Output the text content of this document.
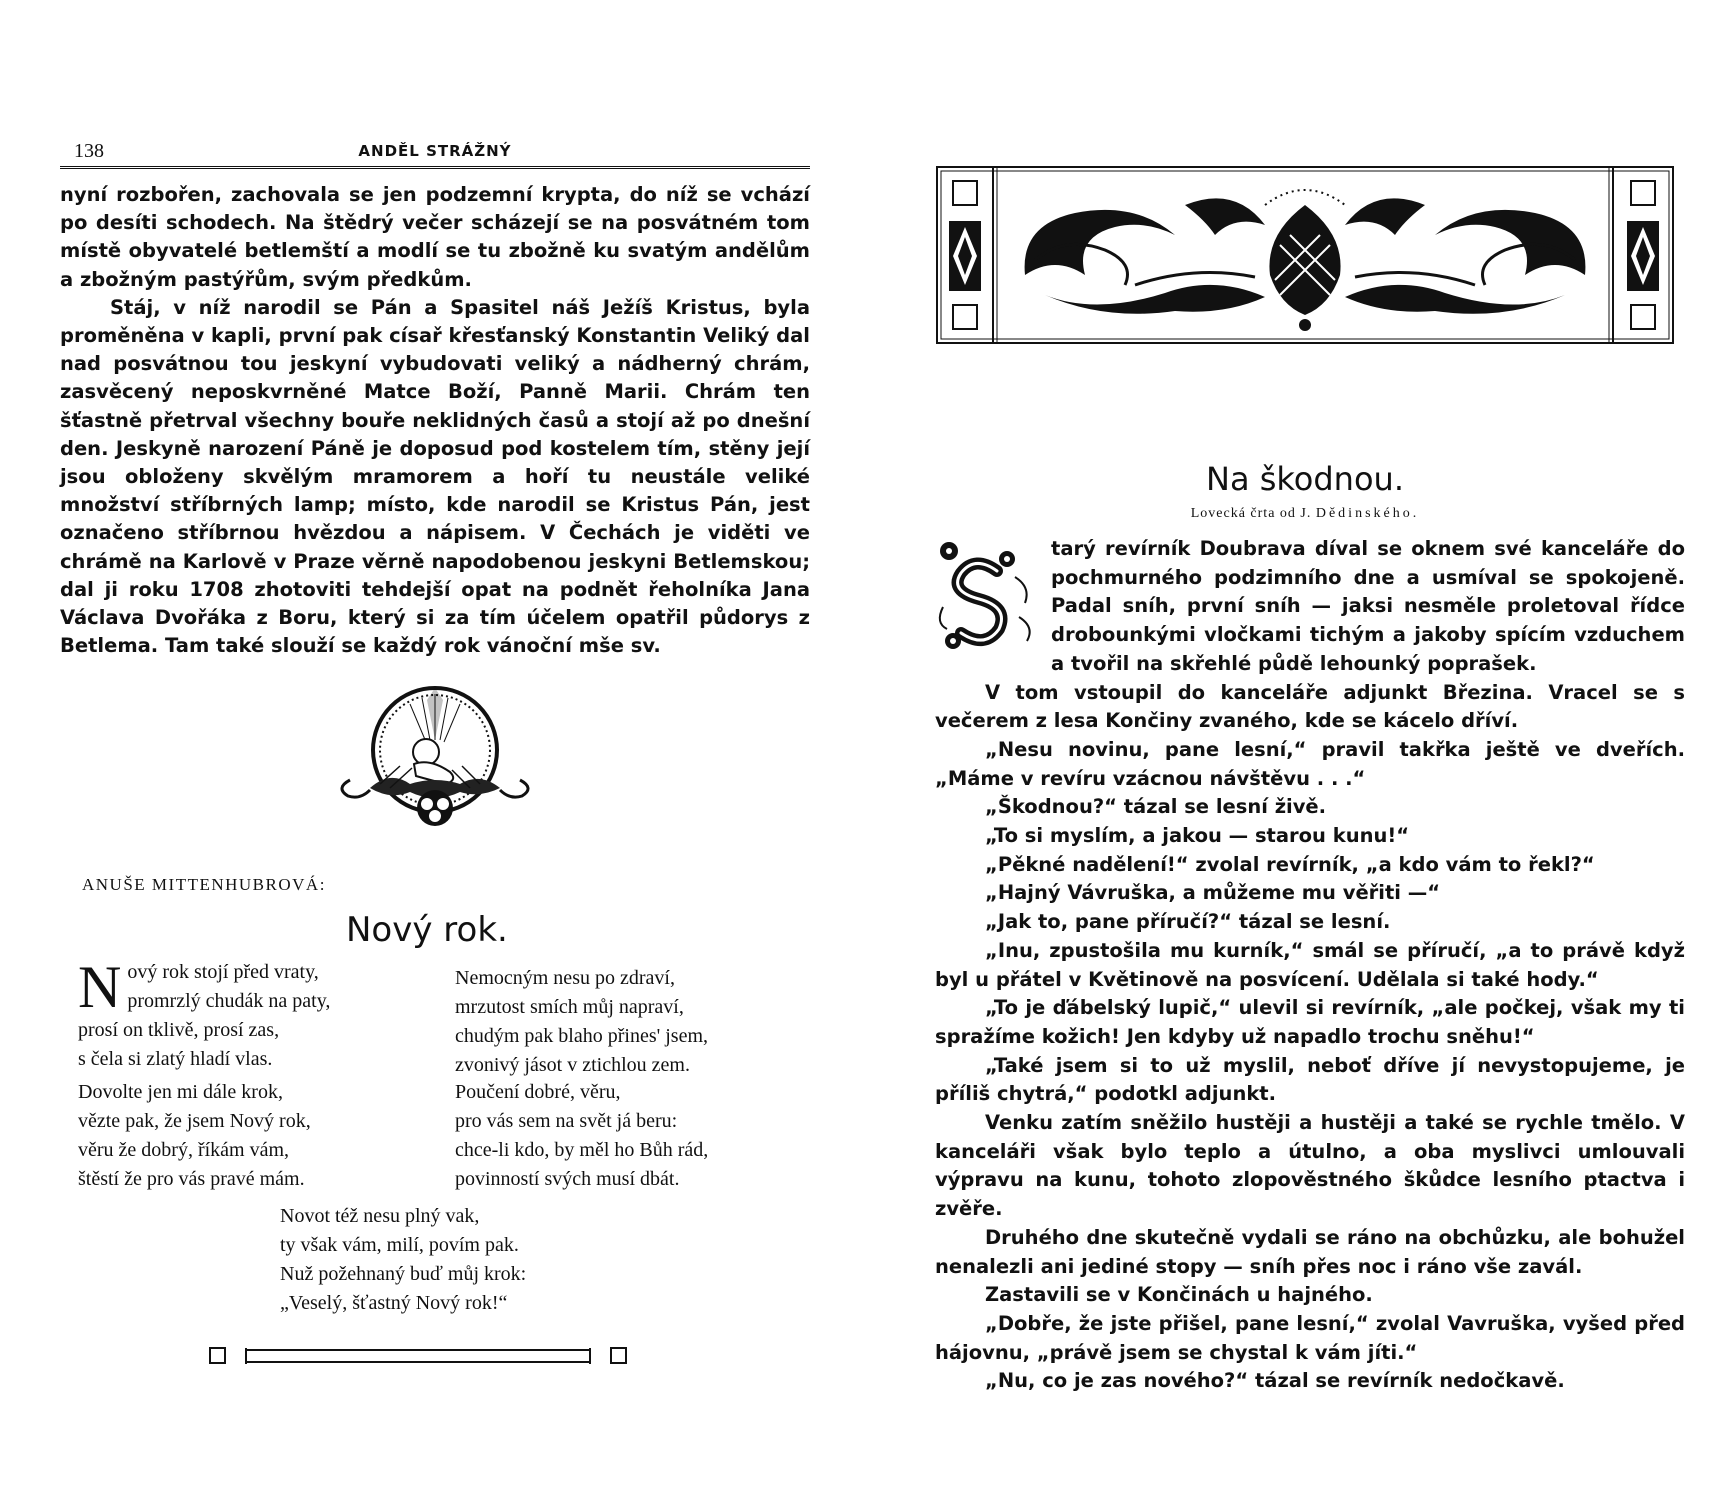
138	ANDĚL STRÁŽNÝ

nyní rozbořen, zachovala se jen podzemní krypta, do níž se vchází po desíti schodech. Na štědrý večer scházejí se na posvátném tom místě obyvatelé betlemští a modlí se tu zbožně ku svatým andělům a zbožným pastýřům, svým předkům.

Stáj, v níž narodil se Pán a Spasitel náš Ježíš Kristus, byla proměněna v kapli, první pak císař křesťanský Konstantin Veliký dal nad posvátnou tou jeskyní vybudovati veliký a nádherný chrám, zasvěcený neposkvrněné Matce Boží, Panně Marii. Chrám ten šťastně přetrval všechny bouře neklidných časů a stojí až po dnešní den. Jeskyně narození Páně je doposud pod kostelem tím, stěny její jsou obloženy skvělým mramorem a hoří tu neustále veliké množství stříbrných lamp; místo, kde narodil se Kristus Pán, jest označeno stříbrnou hvězdou a nápisem. V Čechách je viděti ve chrámě na Karlově v Praze věrně napodobenou jeskyni Betlemskou; dal ji roku 1708 zhotoviti tehdejší opat na podnět řeholníka Jana Václava Dvořáka z Boru, který si za tím účelem opatřil půdorys z Betlema. Tam také slouží se každý rok vánoční mše sv.

ANUŠE MITTENHUBROVÁ:
Nový rok.
N ový rok stojí před vraty,
promrzlý chudák na paty,
prosí on tklivě, prosí zas,
s čela si zlatý hladí vlas.
Dovolte jen mi dále krok,
vězte pak, že jsem Nový rok,
věru že dobrý, říkám vám,
štěstí že pro vás pravé mám.
Nemocným nesu po zdraví,
mrzutost smích můj napraví,
chudým pak blaho přines' jsem,
zvonivý jásot v ztichlou zem.
Poučení dobré, věru,
pro vás sem na svět já beru:
chce-li kdo, by měl ho Bůh rád,
povinností svých musí dbát.
Novot též nesu plný vak,
ty však vám, milí, povím pak.
Nuž požehnaný buď můj krok:
„Veselý, šťastný Nový rok!“
Na škodnou.
Lovecká črta od J. Dědinského.

tarý revírník Doubrava díval se oknem své kanceláře do pochmurného podzimního dne a usmíval se spokojeně. Padal sníh, první sníh — jaksi nesměle proletoval řídce drobounkými vločkami tichým a jakoby spícím vzduchem a tvořil na skřehlé půdě lehounký poprašek.

V tom vstoupil do kanceláře adjunkt Březina. Vracel se s večerem z lesa Končiny zvaného, kde se kácelo dříví.

„Nesu novinu, pane lesní,“ pravil takřka ještě ve dveřích. „Máme v revíru vzácnou návštěvu . . .“

„Škodnou?“ tázal se lesní živě.

„To si myslím, a jakou — starou kunu!“

„Pěkné nadělení!“ zvolal revírník, „a kdo vám to řekl?“

„Hajný Vávruška, a můžeme mu věřiti —“

„Jak to, pane příručí?“ tázal se lesní.

„Inu, zpustošila mu kurník,“ smál se příručí, „a to právě když byl u přátel v Květinově na posvícení. Udělala si také hody.“

„To je ďábelský lupič,“ ulevil si revírník, „ale počkej, však my ti spražíme kožich! Jen kdyby už napadlo trochu sněhu!“

„Také jsem si to už myslil, neboť dříve jí nevystopujeme, je příliš chytrá,“ podotkl adjunkt.

Venku zatím sněžilo hustěji a hustěji a také se rychle tmělo. V kanceláři však bylo teplo a útulno, a oba myslivci umlouvali výpravu na kunu, tohoto zlopověstného škůdce lesního ptactva i zvěře.

Druhého dne skutečně vydali se ráno na obchůzku, ale bohužel nenalezli ani jediné stopy — sníh přes noc i ráno vše zavál.

Zastavili se v Končinách u hajného.

„Dobře, že jste přišel, pane lesní,“ zvolal Vavruška, vyšed před hájovnu, „právě jsem se chystal k vám jíti.“

„Nu, co je zas nového?“ tázal se revírník nedočkavě.
